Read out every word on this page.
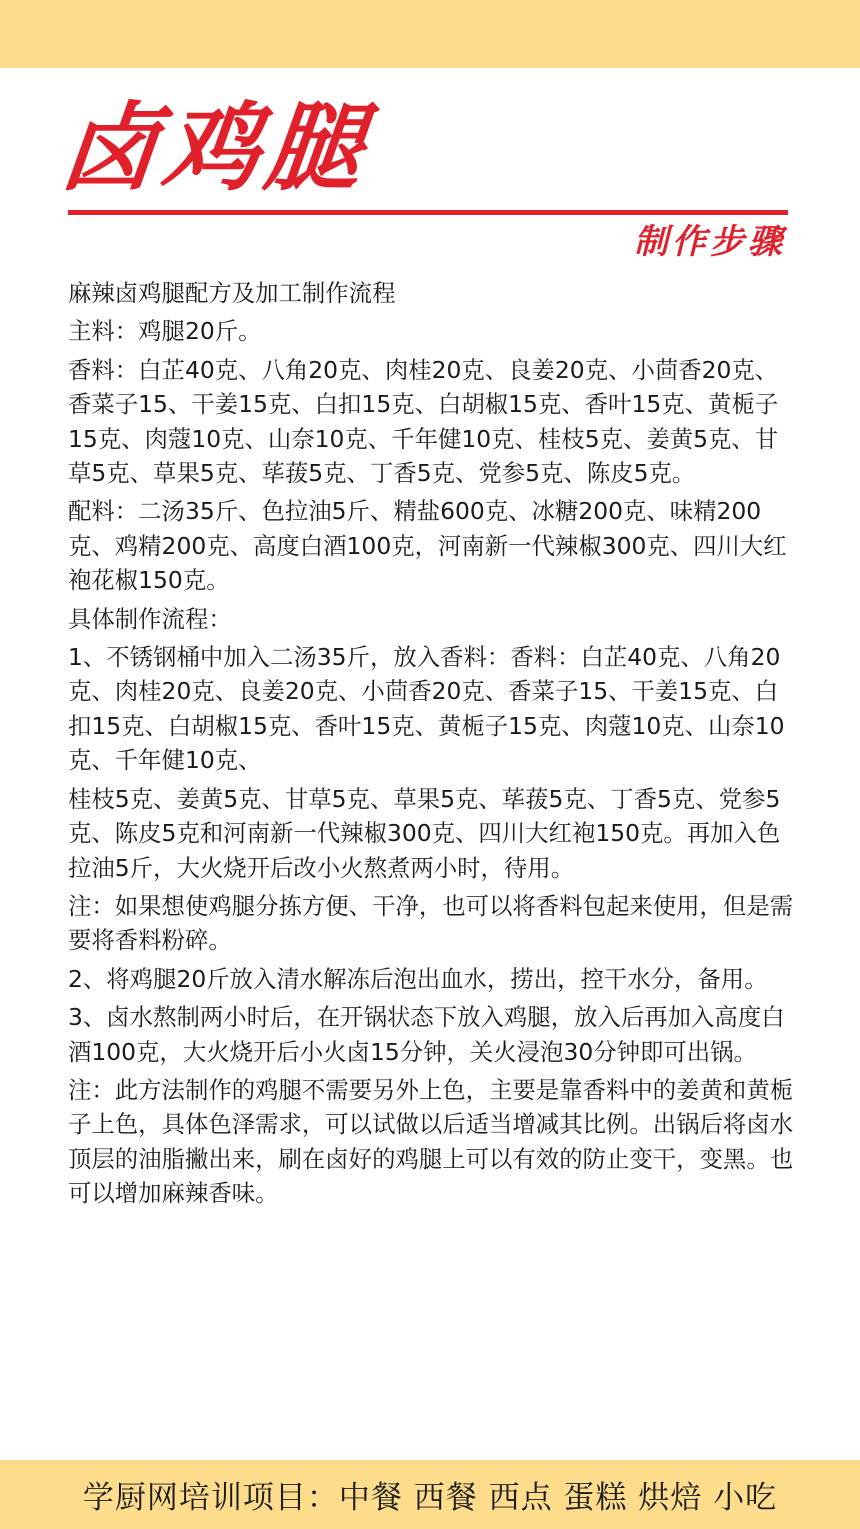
卤鸡腿
制作步骤

麻辣卤鸡腿配方及加工制作流程

主料：鸡腿20斤。

香料：白芷40克、八角20克、肉桂20克、良姜20克、小茴香20克、香菜子15、干姜15克、白扣15克、白胡椒15克、香叶15克、黄栀子15克、肉蔻10克、山奈10克、千年健10克、桂枝5克、姜黄5克、甘草5克、草果5克、荜菝5克、丁香5克、党参5克、陈皮5克。

配料：二汤35斤、色拉油5斤、精盐600克、冰糖200克、味精200克、鸡精200克、高度白酒100克，河南新一代辣椒300克、四川大红袍花椒150克。

具体制作流程：

1、不锈钢桶中加入二汤35斤，放入香料：香料：白芷40克、八角20克、肉桂20克、良姜20克、小茴香20克、香菜子15、干姜15克、白扣15克、白胡椒15克、香叶15克、黄栀子15克、肉蔻10克、山奈10克、千年健10克、

桂枝5克、姜黄5克、甘草5克、草果5克、荜菝5克、丁香5克、党参5克、陈皮5克和河南新一代辣椒300克、四川大红袍150克。再加入色拉油5斤，大火烧开后改小火熬煮两小时，待用。

注：如果想使鸡腿分拣方便、干净，也可以将香料包起来使用，但是需要将香料粉碎。

2、将鸡腿20斤放入清水解冻后泡出血水，捞出，控干水分，备用。

3、卤水熬制两小时后，在开锅状态下放入鸡腿，放入后再加入高度白酒100克，大火烧开后小火卤15分钟，关火浸泡30分钟即可出锅。

注：此方法制作的鸡腿不需要另外上色，主要是靠香料中的姜黄和黄栀子上色，具体色泽需求，可以试做以后适当增减其比例。出锅后将卤水顶层的油脂撇出来，刷在卤好的鸡腿上可以有效的防止变干，变黑。也可以增加麻辣香味。

学厨网培训项目：中餐 西餐 西点 蛋糕 烘焙 小吃
